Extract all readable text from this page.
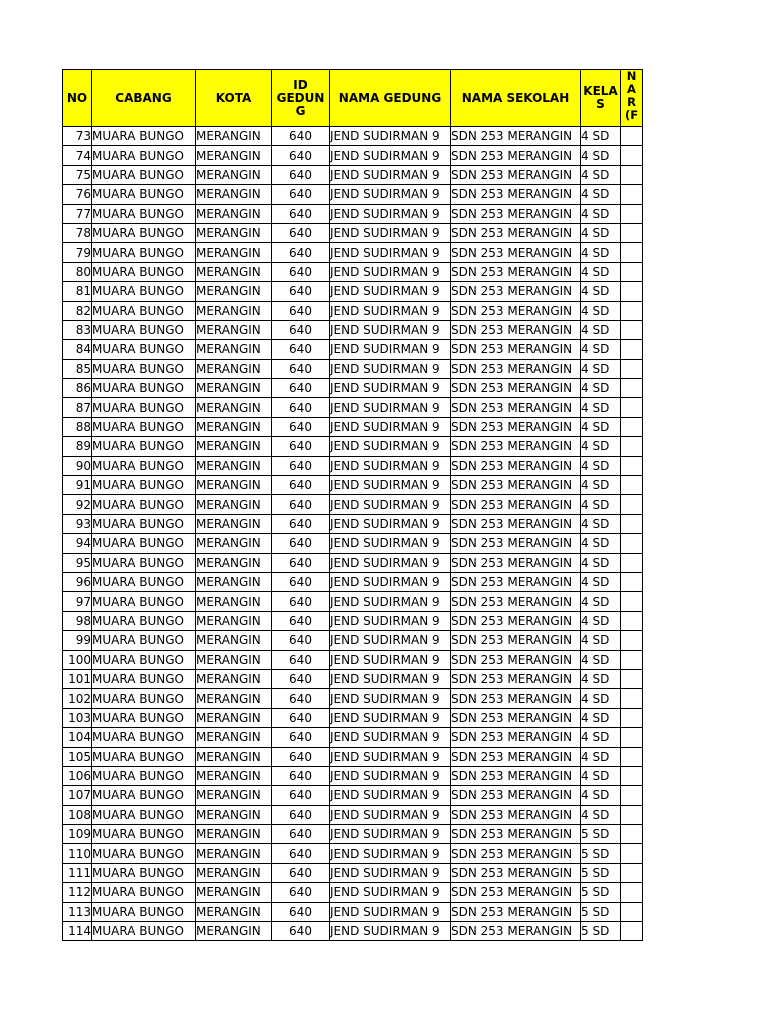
NO	CABANG	KOTA	ID GEDUN G	NAMA GEDUNG	NAMA SEKOLAH	KELA S	N A R (F
73	MUARA BUNGO	MERANGIN	640	JEND SUDIRMAN 9	SDN 253 MERANGIN	4 SD	
74	MUARA BUNGO	MERANGIN	640	JEND SUDIRMAN 9	SDN 253 MERANGIN	4 SD	
75	MUARA BUNGO	MERANGIN	640	JEND SUDIRMAN 9	SDN 253 MERANGIN	4 SD	
76	MUARA BUNGO	MERANGIN	640	JEND SUDIRMAN 9	SDN 253 MERANGIN	4 SD	
77	MUARA BUNGO	MERANGIN	640	JEND SUDIRMAN 9	SDN 253 MERANGIN	4 SD	
78	MUARA BUNGO	MERANGIN	640	JEND SUDIRMAN 9	SDN 253 MERANGIN	4 SD	
79	MUARA BUNGO	MERANGIN	640	JEND SUDIRMAN 9	SDN 253 MERANGIN	4 SD	
80	MUARA BUNGO	MERANGIN	640	JEND SUDIRMAN 9	SDN 253 MERANGIN	4 SD	
81	MUARA BUNGO	MERANGIN	640	JEND SUDIRMAN 9	SDN 253 MERANGIN	4 SD	
82	MUARA BUNGO	MERANGIN	640	JEND SUDIRMAN 9	SDN 253 MERANGIN	4 SD	
83	MUARA BUNGO	MERANGIN	640	JEND SUDIRMAN 9	SDN 253 MERANGIN	4 SD	
84	MUARA BUNGO	MERANGIN	640	JEND SUDIRMAN 9	SDN 253 MERANGIN	4 SD	
85	MUARA BUNGO	MERANGIN	640	JEND SUDIRMAN 9	SDN 253 MERANGIN	4 SD	
86	MUARA BUNGO	MERANGIN	640	JEND SUDIRMAN 9	SDN 253 MERANGIN	4 SD	
87	MUARA BUNGO	MERANGIN	640	JEND SUDIRMAN 9	SDN 253 MERANGIN	4 SD	
88	MUARA BUNGO	MERANGIN	640	JEND SUDIRMAN 9	SDN 253 MERANGIN	4 SD	
89	MUARA BUNGO	MERANGIN	640	JEND SUDIRMAN 9	SDN 253 MERANGIN	4 SD	
90	MUARA BUNGO	MERANGIN	640	JEND SUDIRMAN 9	SDN 253 MERANGIN	4 SD	
91	MUARA BUNGO	MERANGIN	640	JEND SUDIRMAN 9	SDN 253 MERANGIN	4 SD	
92	MUARA BUNGO	MERANGIN	640	JEND SUDIRMAN 9	SDN 253 MERANGIN	4 SD	
93	MUARA BUNGO	MERANGIN	640	JEND SUDIRMAN 9	SDN 253 MERANGIN	4 SD	
94	MUARA BUNGO	MERANGIN	640	JEND SUDIRMAN 9	SDN 253 MERANGIN	4 SD	
95	MUARA BUNGO	MERANGIN	640	JEND SUDIRMAN 9	SDN 253 MERANGIN	4 SD	
96	MUARA BUNGO	MERANGIN	640	JEND SUDIRMAN 9	SDN 253 MERANGIN	4 SD	
97	MUARA BUNGO	MERANGIN	640	JEND SUDIRMAN 9	SDN 253 MERANGIN	4 SD	
98	MUARA BUNGO	MERANGIN	640	JEND SUDIRMAN 9	SDN 253 MERANGIN	4 SD	
99	MUARA BUNGO	MERANGIN	640	JEND SUDIRMAN 9	SDN 253 MERANGIN	4 SD	
100	MUARA BUNGO	MERANGIN	640	JEND SUDIRMAN 9	SDN 253 MERANGIN	4 SD	
101	MUARA BUNGO	MERANGIN	640	JEND SUDIRMAN 9	SDN 253 MERANGIN	4 SD	
102	MUARA BUNGO	MERANGIN	640	JEND SUDIRMAN 9	SDN 253 MERANGIN	4 SD	
103	MUARA BUNGO	MERANGIN	640	JEND SUDIRMAN 9	SDN 253 MERANGIN	4 SD	
104	MUARA BUNGO	MERANGIN	640	JEND SUDIRMAN 9	SDN 253 MERANGIN	4 SD	
105	MUARA BUNGO	MERANGIN	640	JEND SUDIRMAN 9	SDN 253 MERANGIN	4 SD	
106	MUARA BUNGO	MERANGIN	640	JEND SUDIRMAN 9	SDN 253 MERANGIN	4 SD	
107	MUARA BUNGO	MERANGIN	640	JEND SUDIRMAN 9	SDN 253 MERANGIN	4 SD	
108	MUARA BUNGO	MERANGIN	640	JEND SUDIRMAN 9	SDN 253 MERANGIN	4 SD	
109	MUARA BUNGO	MERANGIN	640	JEND SUDIRMAN 9	SDN 253 MERANGIN	5 SD	
110	MUARA BUNGO	MERANGIN	640	JEND SUDIRMAN 9	SDN 253 MERANGIN	5 SD	
111	MUARA BUNGO	MERANGIN	640	JEND SUDIRMAN 9	SDN 253 MERANGIN	5 SD	
112	MUARA BUNGO	MERANGIN	640	JEND SUDIRMAN 9	SDN 253 MERANGIN	5 SD	
113	MUARA BUNGO	MERANGIN	640	JEND SUDIRMAN 9	SDN 253 MERANGIN	5 SD	
114	MUARA BUNGO	MERANGIN	640	JEND SUDIRMAN 9	SDN 253 MERANGIN	5 SD	
